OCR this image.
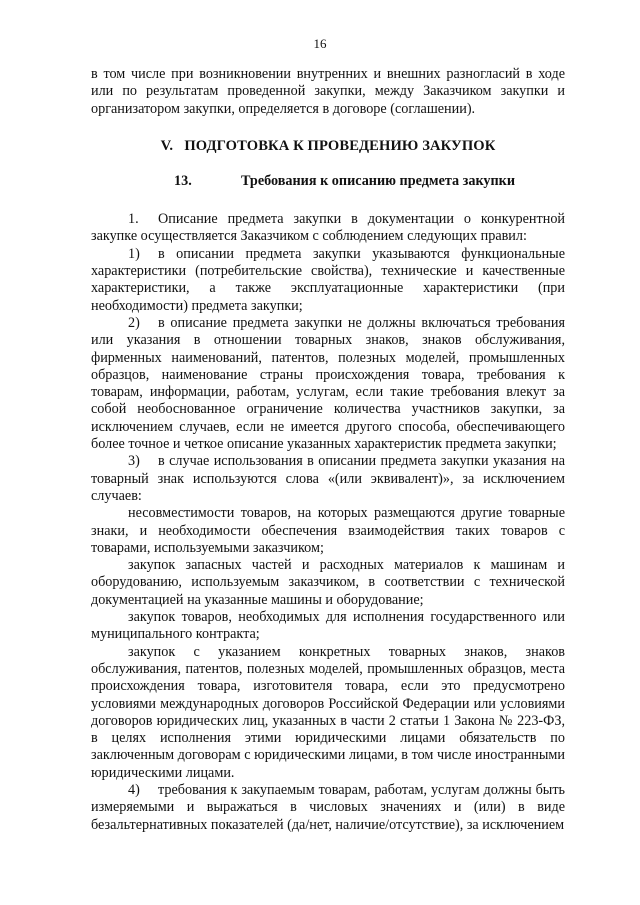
16

в том числе при возникновении внутренних и внешних разногласий в ходе или по результатам проведенной закупки, между Заказчиком закупки и организатором закупки, определяется в договоре (соглашении).

V. ПОДГОТОВКА К ПРОВЕДЕНИЮ ЗАКУПОК
13.	Требования к описанию предмета закупки

1. Описание предмета закупки в документации о конкурентной закупке осуществляется Заказчиком с соблюдением следующих правил:

1) в описании предмета закупки указываются функциональные характеристики (потребительские свойства), технические и качественные характеристики, а также эксплуатационные характеристики (при необходимости) предмета закупки;

2) в описание предмета закупки не должны включаться требования или указания в отношении товарных знаков, знаков обслуживания, фирменных наименований, патентов, полезных моделей, промышленных образцов, наименование страны происхождения товара, требования к товарам, информации, работам, услугам, если такие требования влекут за собой необоснованное ограничение количества участников закупки, за исключением случаев, если не имеется другого способа, обеспечивающего более точное и четкое описание указанных характеристик предмета закупки;

3) в случае использования в описании предмета закупки указания на товарный знак используются слова «(или эквивалент)», за исключением случаев:

несовместимости товаров, на которых размещаются другие товарные знаки, и необходимости обеспечения взаимодействия таких товаров с товарами, используемыми заказчиком;

закупок запасных частей и расходных материалов к машинам и оборудованию, используемым заказчиком, в соответствии с технической документацией на указанные машины и оборудование;

закупок товаров, необходимых для исполнения государственного или муниципального контракта;

закупок с указанием конкретных товарных знаков, знаков обслуживания, патентов, полезных моделей, промышленных образцов, места происхождения товара, изготовителя товара, если это предусмотрено условиями международных договоров Российской Федерации или условиями договоров юридических лиц, указанных в части 2 статьи 1 Закона № 223-ФЗ, в целях исполнения этими юридическими лицами обязательств по заключенным договорам с юридическими лицами, в том числе иностранными юридическими лицами.

4) требования к закупаемым товарам, работам, услугам должны быть измеряемыми и выражаться в числовых значениях и (или) в виде безальтернативных показателей (да/нет, наличие/отсутствие), за исключением
